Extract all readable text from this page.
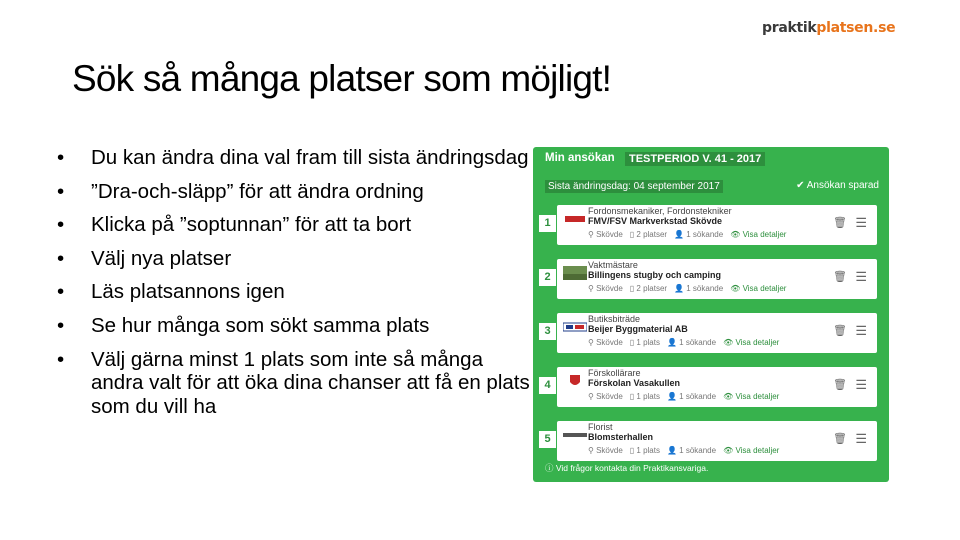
praktikplatsen.se
Sök så många platser som möjligt!
• Du kan ändra dina val fram till sista ändringsdag
• ”Dra-och-släpp” för att ändra ordning
• Klicka på ”soptunnan” för att ta bort
• Välj nya platser
• Läs platsannons igen
• Se hur många som sökt samma plats
• Välj gärna minst 1 plats som inte så många andra valt för att öka dina chanser att få en plats som du vill ha
Min ansökan	TESTPERIOD V. 41 - 2017
Sista ändringsdag: 04 september 2017	✔ Ansökan sparad
1
Fordonsmekaniker, Fordonstekniker
FMV/FSV Markverkstad Skövde
⚲ Skövde ▯ 2 platser 👤 1 sökande 👁 Visa detaljer
🗑 ☰
2
Vaktmästare
Billingens stugby och camping
⚲ Skövde ▯ 2 platser 👤 1 sökande 👁 Visa detaljer
🗑 ☰
3
Butiksbiträde
Beijer Byggmaterial AB
⚲ Skövde ▯ 1 plats 👤 1 sökande 👁 Visa detaljer
🗑 ☰
4
Förskollärare
Förskolan Vasakullen
⚲ Skövde ▯ 1 plats 👤 1 sökande 👁 Visa detaljer
🗑 ☰
5
Florist
Blomsterhallen
⚲ Skövde ▯ 1 plats 👤 1 sökande 👁 Visa detaljer
🗑 ☰
ⓘ Vid frågor kontakta din Praktikansvariga.
